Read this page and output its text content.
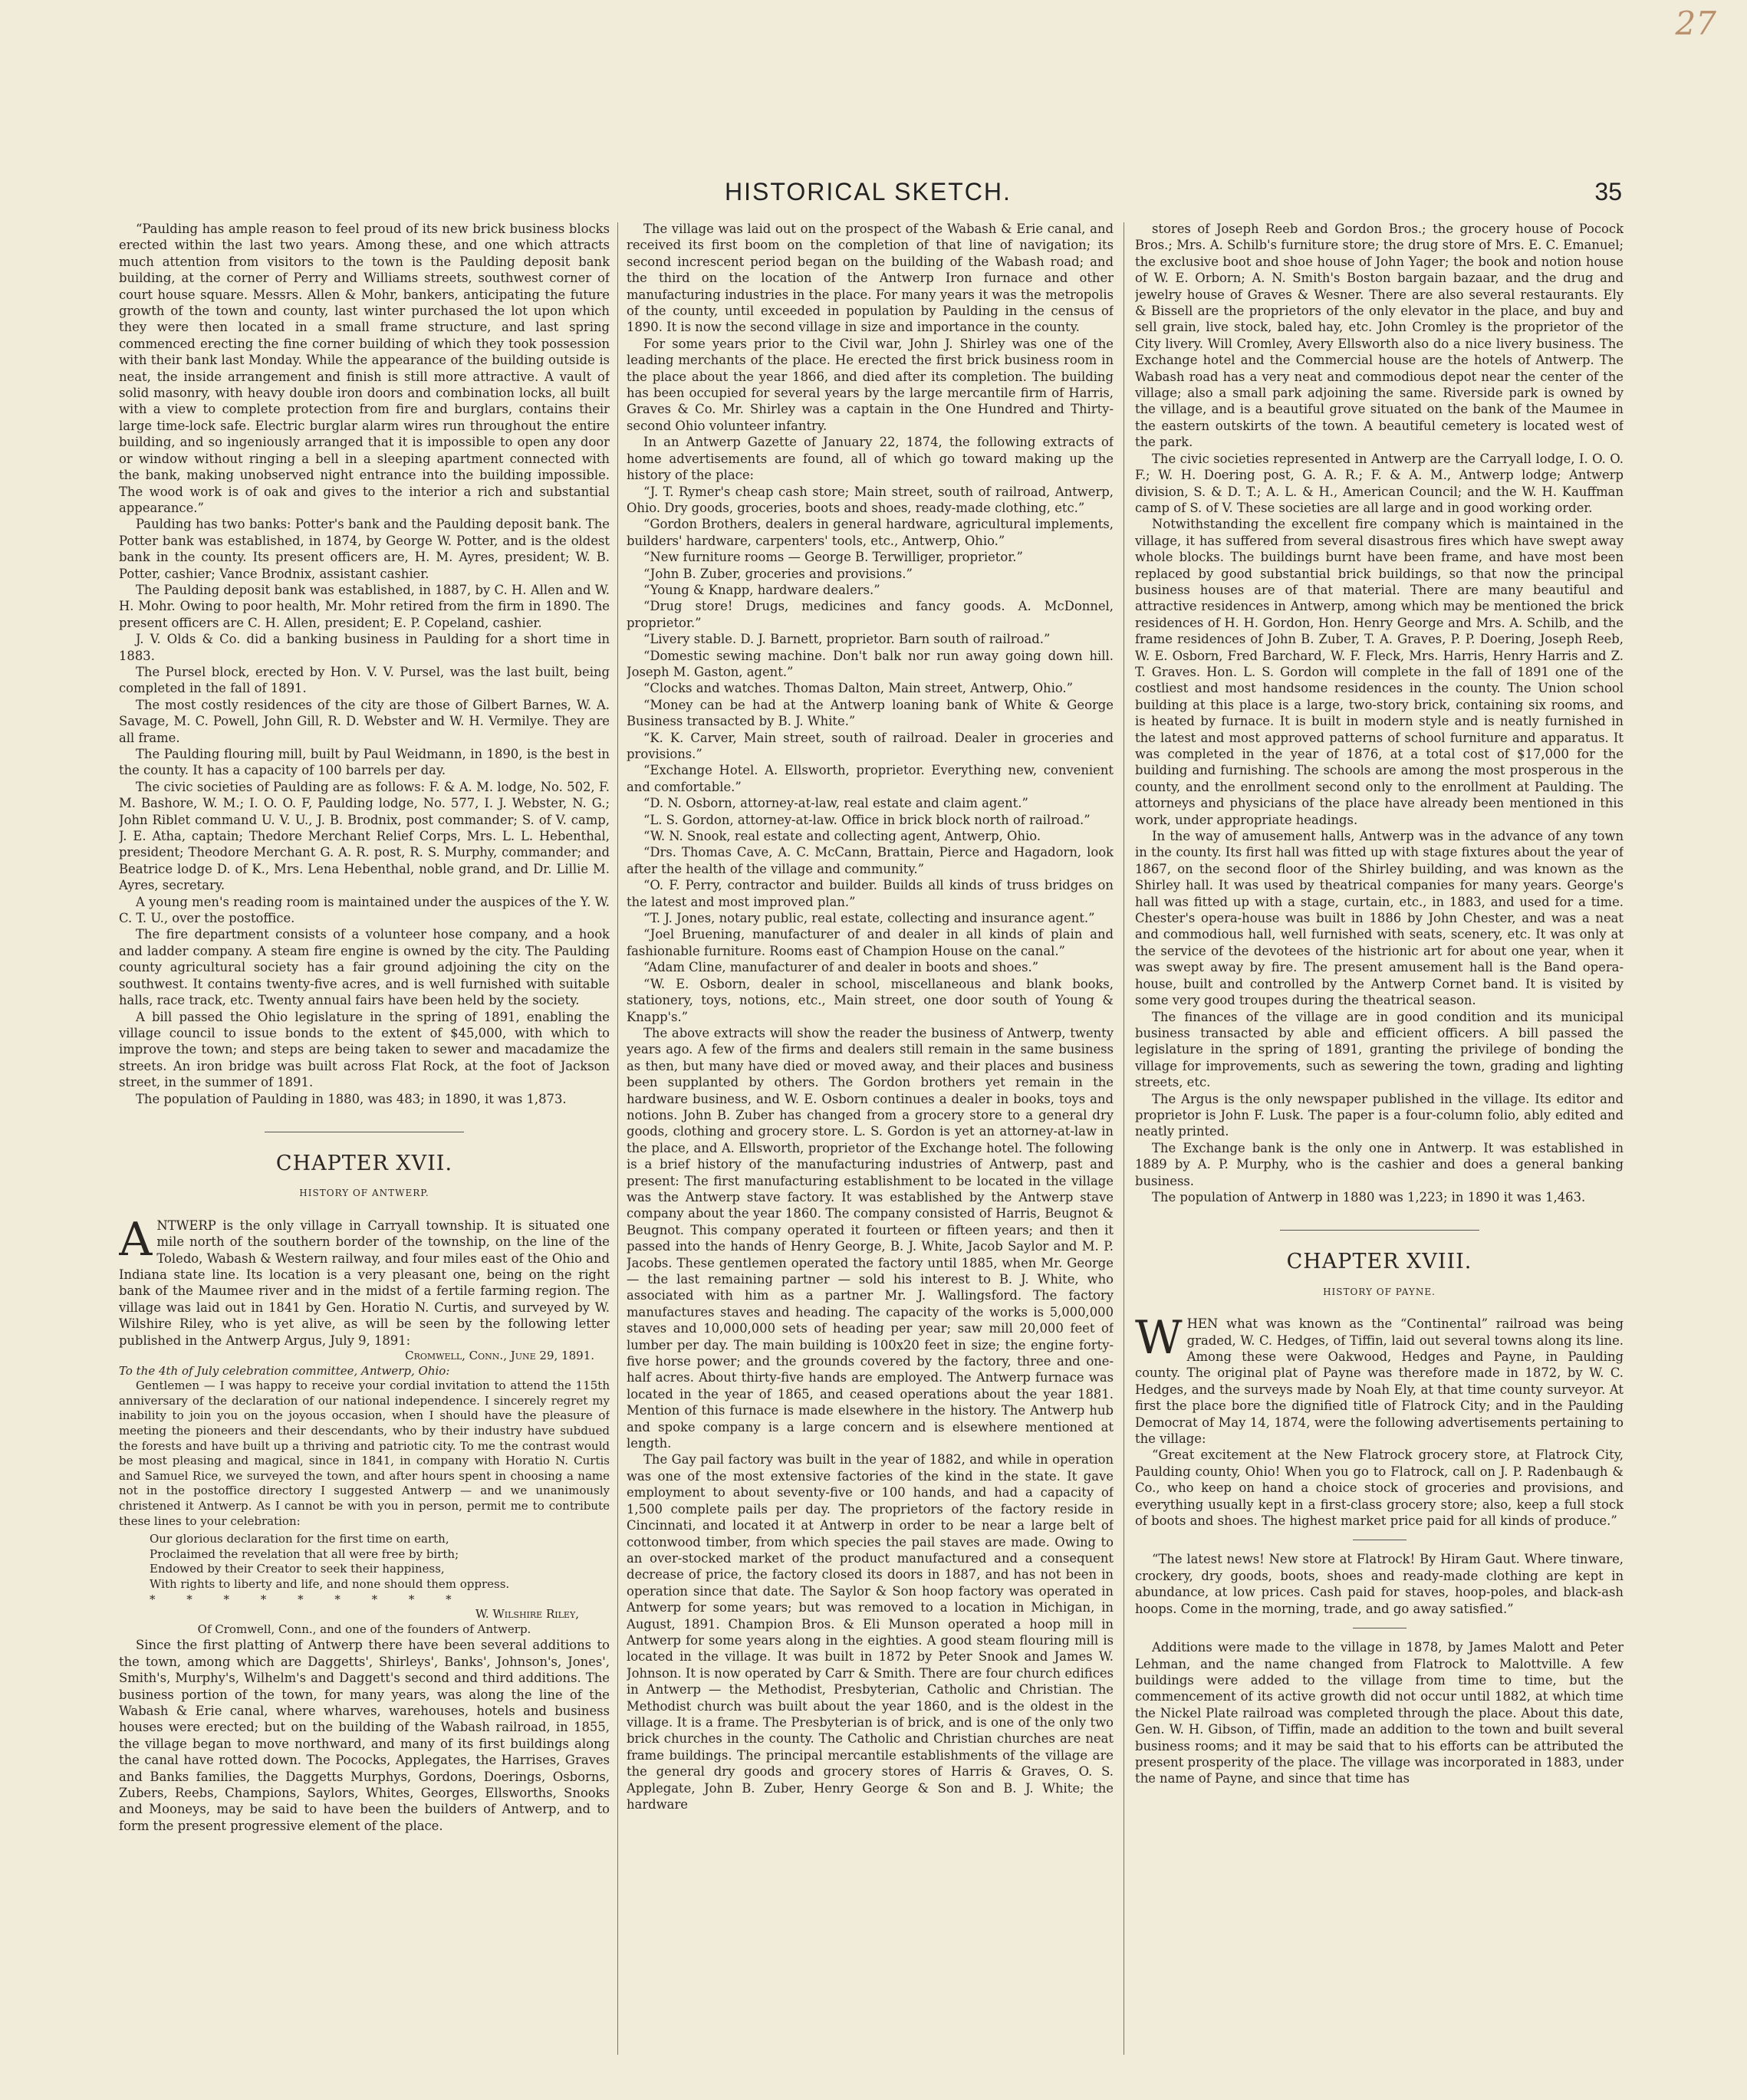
27
HISTORICAL SKETCH.	35

“Paulding has ample reason to feel proud of its new brick business blocks erected within the last two years. Among these, and one which attracts much attention from visitors to the town is the Paulding deposit bank building, at the corner of Perry and Williams streets, southwest corner of court house square. Messrs. Allen & Mohr, bankers, anticipating the future growth of the town and county, last winter purchased the lot upon which they were then located in a small frame structure, and last spring commenced erecting the fine corner building of which they took possession with their bank last Monday. While the appearance of the building outside is neat, the inside arrangement and finish is still more attractive. A vault of solid masonry, with heavy double iron doors and combination locks, all built with a view to complete protection from fire and burglars, contains their large time-lock safe. Electric burglar alarm wires run throughout the entire building, and so ingeniously arranged that it is impossible to open any door or window without ringing a bell in a sleeping apartment connected with the bank, making unobserved night entrance into the building impossible. The wood work is of oak and gives to the interior a rich and substantial appearance.”

Paulding has two banks: Potter's bank and the Paulding deposit bank. The Potter bank was established, in 1874, by George W. Potter, and is the oldest bank in the county. Its present officers are, H. M. Ayres, president; W. B. Potter, cashier; Vance Brodnix, assistant cashier.

The Paulding deposit bank was established, in 1887, by C. H. Allen and W. H. Mohr. Owing to poor health, Mr. Mohr retired from the firm in 1890. The present officers are C. H. Allen, president; E. P. Copeland, cashier.

J. V. Olds & Co. did a banking business in Paulding for a short time in 1883.

The Pursel block, erected by Hon. V. V. Pursel, was the last built, being completed in the fall of 1891.

The most costly residences of the city are those of Gilbert Barnes, W. A. Savage, M. C. Powell, John Gill, R. D. Webster and W. H. Vermilye. They are all frame.

The Paulding flouring mill, built by Paul Weidmann, in 1890, is the best in the county. It has a capacity of 100 barrels per day.

The civic societies of Paulding are as follows: F. & A. M. lodge, No. 502, F. M. Bashore, W. M.; I. O. O. F, Paulding lodge, No. 577, I. J. Webster, N. G.; John Riblet command U. V. U., J. B. Brodnix, post commander; S. of V. camp, J. E. Atha, captain; Thedore Merchant Relief Corps, Mrs. L. L. Hebenthal, president; Theodore Merchant G. A. R. post, R. S. Murphy, commander; and Beatrice lodge D. of K., Mrs. Lena Hebenthal, noble grand, and Dr. Lillie M. Ayres, secretary.

A young men's reading room is maintained under the auspices of the Y. W. C. T. U., over the postoffice.

The fire department consists of a volunteer hose company, and a hook and ladder company. A steam fire engine is owned by the city. The Paulding county agricultural society has a fair ground adjoining the city on the southwest. It contains twenty-five acres, and is well furnished with suitable halls, race track, etc. Twenty annual fairs have been held by the society.

A bill passed the Ohio legislature in the spring of 1891, enabling the village council to issue bonds to the extent of $45,000, with which to improve the town; and steps are being taken to sewer and macadamize the streets. An iron bridge was built across Flat Rock, at the foot of Jackson street, in the summer of 1891.

The population of Paulding in 1880, was 483; in 1890, it was 1,873.

CHAPTER XVII.
HISTORY OF ANTWERP.

ANTWERP is the only village in Carryall township. It is situated one mile north of the southern border of the township, on the line of the Toledo, Wabash & Western railway, and four miles east of the Ohio and Indiana state line. Its location is a very pleasant one, being on the right bank of the Maumee river and in the midst of a fertile farming region. The village was laid out in 1841 by Gen. Horatio N. Curtis, and surveyed by W. Wilshire Riley, who is yet alive, as will be seen by the following letter published in the Antwerp Argus, July 9, 1891:

Cromwell, Conn., June 29, 1891.
To the 4th of July celebration committee, Antwerp, Ohio:

Gentlemen — I was happy to receive your cordial invitation to attend the 115th anniversary of the declaration of our national independence. I sincerely regret my inability to join you on the joyous occasion, when I should have the pleasure of meeting the pioneers and their descendants, who by their industry have subdued the forests and have built up a thriving and patriotic city. To me the contrast would be most pleasing and magical, since in 1841, in company with Horatio N. Curtis and Samuel Rice, we surveyed the town, and after hours spent in choosing a name not in the postoffice directory I suggested Antwerp — and we unanimously christened it Antwerp. As I cannot be with you in person, permit me to contribute these lines to your celebration:

Our glorious declaration for the first time on earth,
Proclaimed the revelation that all were free by birth;
Endowed by their Creator to seek their happiness,
With rights to liberty and life, and none should them oppress.
* * * * * * * * *
W. Wilshire Riley,
Of Cromwell, Conn., and one of the founders of Antwerp.

Since the first platting of Antwerp there have been several additions to the town, among which are Daggetts', Shirleys', Banks', Johnson's, Jones', Smith's, Murphy's, Wilhelm's and Daggett's second and third additions. The business portion of the town, for many years, was along the line of the Wabash & Erie canal, where wharves, warehouses, hotels and business houses were erected; but on the building of the Wabash railroad, in 1855, the village began to move northward, and many of its first buildings along the canal have rotted down. The Pococks, Applegates, the Harrises, Graves and Banks families, the Daggetts Murphys, Gordons, Doerings, Osborns, Zubers, Reebs, Champions, Saylors, Whites, Georges, Ellsworths, Snooks and Mooneys, may be said to have been the builders of Antwerp, and to form the present progressive element of the place.

The village was laid out on the prospect of the Wabash & Erie canal, and received its first boom on the completion of that line of navigation; its second increscent period began on the building of the Wabash road; and the third on the location of the Antwerp Iron furnace and other manufacturing industries in the place. For many years it was the metropolis of the county, until exceeded in population by Paulding in the census of 1890. It is now the second village in size and importance in the county.

For some years prior to the Civil war, John J. Shirley was one of the leading merchants of the place. He erected the first brick business room in the place about the year 1866, and died after its completion. The building has been occupied for several years by the large mercantile firm of Harris, Graves & Co. Mr. Shirley was a captain in the One Hundred and Thirty-second Ohio volunteer infantry.

In an Antwerp Gazette of January 22, 1874, the following extracts of home advertisements are found, all of which go toward making up the history of the place:

“J. T. Rymer's cheap cash store; Main street, south of railroad, Antwerp, Ohio. Dry goods, groceries, boots and shoes, ready-made clothing, etc.”

“Gordon Brothers, dealers in general hardware, agricultural implements, builders' hardware, carpenters' tools, etc., Antwerp, Ohio.”

“New furniture rooms — George B. Terwilliger, proprietor.”

“John B. Zuber, groceries and provisions.”

“Young & Knapp, hardware dealers.”

“Drug store! Drugs, medicines and fancy goods. A. McDonnel, proprietor.”

“Livery stable. D. J. Barnett, proprietor. Barn south of railroad.”

“Domestic sewing machine. Don't balk nor run away going down hill. Joseph M. Gaston, agent.”

“Clocks and watches. Thomas Dalton, Main street, Antwerp, Ohio.”

“Money can be had at the Antwerp loaning bank of White & George Business transacted by B. J. White.”

“K. K. Carver, Main street, south of railroad. Dealer in groceries and provisions.”

“Exchange Hotel. A. Ellsworth, proprietor. Everything new, convenient and comfortable.”

“D. N. Osborn, attorney-at-law, real estate and claim agent.”

“L. S. Gordon, attorney-at-law. Office in brick block north of railroad.”

“W. N. Snook, real estate and collecting agent, Antwerp, Ohio.

“Drs. Thomas Cave, A. C. McCann, Brattain, Pierce and Hagadorn, look after the health of the village and community.”

“O. F. Perry, contractor and builder. Builds all kinds of truss bridges on the latest and most improved plan.”

“T. J. Jones, notary public, real estate, collecting and insurance agent.”

“Joel Bruening, manufacturer of and dealer in all kinds of plain and fashionable furniture. Rooms east of Champion House on the canal.”

“Adam Cline, manufacturer of and dealer in boots and shoes.”

“W. E. Osborn, dealer in school, miscellaneous and blank books, stationery, toys, notions, etc., Main street, one door south of Young & Knapp's.”

The above extracts will show the reader the business of Antwerp, twenty years ago. A few of the firms and dealers still remain in the same business as then, but many have died or moved away, and their places and business been supplanted by others. The Gordon brothers yet remain in the hardware business, and W. E. Osborn continues a dealer in books, toys and notions. John B. Zuber has changed from a grocery store to a general dry goods, clothing and grocery store. L. S. Gordon is yet an attorney-at-law in the place, and A. Ellsworth, proprietor of the Exchange hotel. The following is a brief history of the manufacturing industries of Antwerp, past and present: The first manufacturing establishment to be located in the village was the Antwerp stave factory. It was established by the Antwerp stave company about the year 1860. The company consisted of Harris, Beugnot & Beugnot. This company operated it fourteen or fifteen years; and then it passed into the hands of Henry George, B. J. White, Jacob Saylor and M. P. Jacobs. These gentlemen operated the factory until 1885, when Mr. George — the last remaining partner — sold his interest to B. J. White, who associated with him as a partner Mr. J. Wallingsford. The factory manufactures staves and heading. The capacity of the works is 5,000,000 staves and 10,000,000 sets of heading per year; saw mill 20,000 feet of lumber per day. The main building is 100x20 feet in size; the engine forty-five horse power; and the grounds covered by the factory, three and one-half acres. About thirty-five hands are employed. The Antwerp furnace was located in the year of 1865, and ceased operations about the year 1881. Mention of this furnace is made elsewhere in the history. The Antwerp hub and spoke company is a large concern and is elsewhere mentioned at length.

The Gay pail factory was built in the year of 1882, and while in operation was one of the most extensive factories of the kind in the state. It gave employment to about seventy-five or 100 hands, and had a capacity of 1,500 complete pails per day. The proprietors of the factory reside in Cincinnati, and located it at Antwerp in order to be near a large belt of cottonwood timber, from which species the pail staves are made. Owing to an over-stocked market of the product manufactured and a consequent decrease of price, the factory closed its doors in 1887, and has not been in operation since that date. The Saylor & Son hoop factory was operated in Antwerp for some years; but was removed to a location in Michigan, in August, 1891. Champion Bros. & Eli Munson operated a hoop mill in Antwerp for some years along in the eighties. A good steam flouring mill is located in the village. It was built in 1872 by Peter Snook and James W. Johnson. It is now operated by Carr & Smith. There are four church edifices in Antwerp — the Methodist, Presbyterian, Catholic and Christian. The Methodist church was built about the year 1860, and is the oldest in the village. It is a frame. The Presbyterian is of brick, and is one of the only two brick churches in the county. The Catholic and Christian churches are neat frame buildings. The principal mercantile establishments of the village are the general dry goods and grocery stores of Harris & Graves, O. S. Applegate, John B. Zuber, Henry George & Son and B. J. White; the hardware

stores of Joseph Reeb and Gordon Bros.; the grocery house of Pocock Bros.; Mrs. A. Schilb's furniture store; the drug store of Mrs. E. C. Emanuel; the exclusive boot and shoe house of John Yager; the book and notion house of W. E. Orborn; A. N. Smith's Boston bargain bazaar, and the drug and jewelry house of Graves & Wesner. There are also several restaurants. Ely & Bissell are the proprietors of the only elevator in the place, and buy and sell grain, live stock, baled hay, etc. John Cromley is the proprietor of the City livery. Will Cromley, Avery Ellsworth also do a nice livery business. The Exchange hotel and the Commercial house are the hotels of Antwerp. The Wabash road has a very neat and commodious depot near the center of the village; also a small park adjoining the same. Riverside park is owned by the village, and is a beautiful grove situated on the bank of the Maumee in the eastern outskirts of the town. A beautiful cemetery is located west of the park.

The civic societies represented in Antwerp are the Carryall lodge, I. O. O. F.; W. H. Doering post, G. A. R.; F. & A. M., Antwerp lodge; Antwerp division, S. & D. T.; A. L. & H., American Council; and the W. H. Kauffman camp of S. of V. These societies are all large and in good working order.

Notwithstanding the excellent fire company which is maintained in the village, it has suffered from several disastrous fires which have swept away whole blocks. The buildings burnt have been frame, and have most been replaced by good substantial brick buildings, so that now the principal business houses are of that material. There are many beautiful and attractive residences in Antwerp, among which may be mentioned the brick residences of H. H. Gordon, Hon. Henry George and Mrs. A. Schilb, and the frame residences of John B. Zuber, T. A. Graves, P. P. Doering, Joseph Reeb, W. E. Osborn, Fred Barchard, W. F. Fleck, Mrs. Harris, Henry Harris and Z. T. Graves. Hon. L. S. Gordon will complete in the fall of 1891 one of the costliest and most handsome residences in the county. The Union school building at this place is a large, two-story brick, containing six rooms, and is heated by furnace. It is built in modern style and is neatly furnished in the latest and most approved patterns of school furniture and apparatus. It was completed in the year of 1876, at a total cost of $17,000 for the building and furnishing. The schools are among the most prosperous in the county, and the enrollment second only to the enrollment at Paulding. The attorneys and physicians of the place have already been mentioned in this work, under appropriate headings.

In the way of amusement halls, Antwerp was in the advance of any town in the county. Its first hall was fitted up with stage fixtures about the year of 1867, on the second floor of the Shirley building, and was known as the Shirley hall. It was used by theatrical companies for many years. George's hall was fitted up with a stage, curtain, etc., in 1883, and used for a time. Chester's opera-house was built in 1886 by John Chester, and was a neat and commodious hall, well furnished with seats, scenery, etc. It was only at the service of the devotees of the histrionic art for about one year, when it was swept away by fire. The present amusement hall is the Band opera-house, built and controlled by the Antwerp Cornet band. It is visited by some very good troupes during the theatrical season.

The finances of the village are in good condition and its municipal business transacted by able and efficient officers. A bill passed the legislature in the spring of 1891, granting the privilege of bonding the village for improvements, such as sewering the town, grading and lighting streets, etc.

The Argus is the only newspaper published in the village. Its editor and proprietor is John F. Lusk. The paper is a four-column folio, ably edited and neatly printed.

The Exchange bank is the only one in Antwerp. It was established in 1889 by A. P. Murphy, who is the cashier and does a general banking business.

The population of Antwerp in 1880 was 1,223; in 1890 it was 1,463.

CHAPTER XVIII.
HISTORY OF PAYNE.

WHEN what was known as the “Continental” railroad was being graded, W. C. Hedges, of Tiffin, laid out several towns along its line. Among these were Oakwood, Hedges and Payne, in Paulding county. The original plat of Payne was therefore made in 1872, by W. C. Hedges, and the surveys made by Noah Ely, at that time county surveyor. At first the place bore the dignified title of Flatrock City; and in the Paulding Democrat of May 14, 1874, were the following advertisements pertaining to the village:

“Great excitement at the New Flatrock grocery store, at Flatrock City, Paulding county, Ohio! When you go to Flatrock, call on J. P. Radenbaugh & Co., who keep on hand a choice stock of groceries and provisions, and everything usually kept in a first-class grocery store; also, keep a full stock of boots and shoes. The highest market price paid for all kinds of produce.”

“The latest news! New store at Flatrock! By Hiram Gaut. Where tinware, crockery, dry goods, boots, shoes and ready-made clothing are kept in abundance, at low prices. Cash paid for staves, hoop-poles, and black-ash hoops. Come in the morning, trade, and go away satisfied.”

Additions were made to the village in 1878, by James Malott and Peter Lehman, and the name changed from Flatrock to Malottville. A few buildings were added to the village from time to time, but the commencement of its active growth did not occur until 1882, at which time the Nickel Plate railroad was completed through the place. About this date, Gen. W. H. Gibson, of Tiffin, made an addition to the town and built several business rooms; and it may be said that to his efforts can be attributed the present prosperity of the place. The village was incorporated in 1883, under the name of Payne, and since that time has
